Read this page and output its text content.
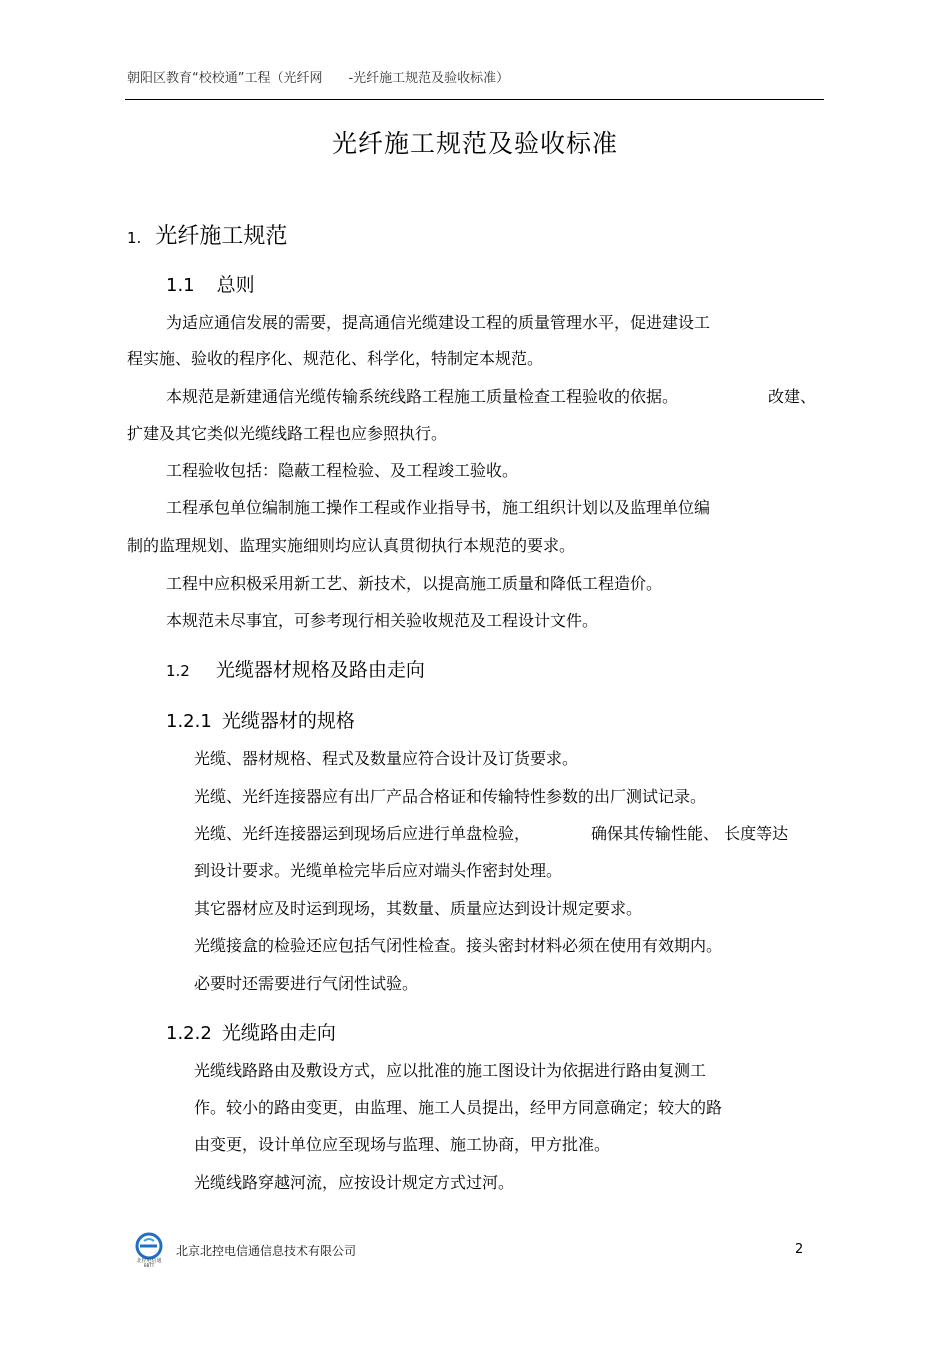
朝阳区教育“校校通”工程（光纤网　　-光纤施工规范及验收标准）
光纤施工规范及验收标准
1. 光纤施工规范
1.1 总则
为适应通信发展的需要，提高通信光缆建设工程的质量管理水平，促进建设工
程实施、验收的程序化、规范化、科学化，特制定本规范。
本规范是新建通信光缆传输系统线路工程施工质量检查工程验收的依据。	改建、
扩建及其它类似光缆线路工程也应参照执行。
工程验收包括：隐蔽工程检验、及工程竣工验收。
工程承包单位编制施工操作工程或作业指导书，施工组织计划以及监理单位编
制的监理规划、监理实施细则均应认真贯彻执行本规范的要求。
工程中应积极采用新工艺、新技术，以提高施工质量和降低工程造价。
本规范未尽事宜，可参考现行相关验收规范及工程设计文件。
1.2 光缆器材规格及路由走向
1.2.1 光缆器材的规格
光缆、器材规格、程式及数量应符合设计及订货要求。
光缆、光纤连接器应有出厂产品合格证和传输特性参数的出厂测试记录。
光缆、光纤连接器运到现场后应进行单盘检验，	确保其传输性能、 长度等达
到设计要求。光缆单检完毕后应对端头作密封处理。
其它器材应及时运到现场，其数量、质量应达到设计规定要求。
光缆接盒的检验还应包括气闭性检查。接头密封材料必须在使用有效期内。
必要时还需要进行气闭性试验。
1.2.2 光缆路由走向
光缆线路路由及敷设方式，应以批准的施工图设计为依据进行路由复测工
作。较小的路由变更，由监理、施工人员提出，经甲方同意确定；较大的路
由变更，设计单位应至现场与监理、施工协商，甲方批准。
光缆线路穿越河流，应按设计规定方式过河。
北控电信通
BBTT
北京北控电信通信息技术有限公司	2
